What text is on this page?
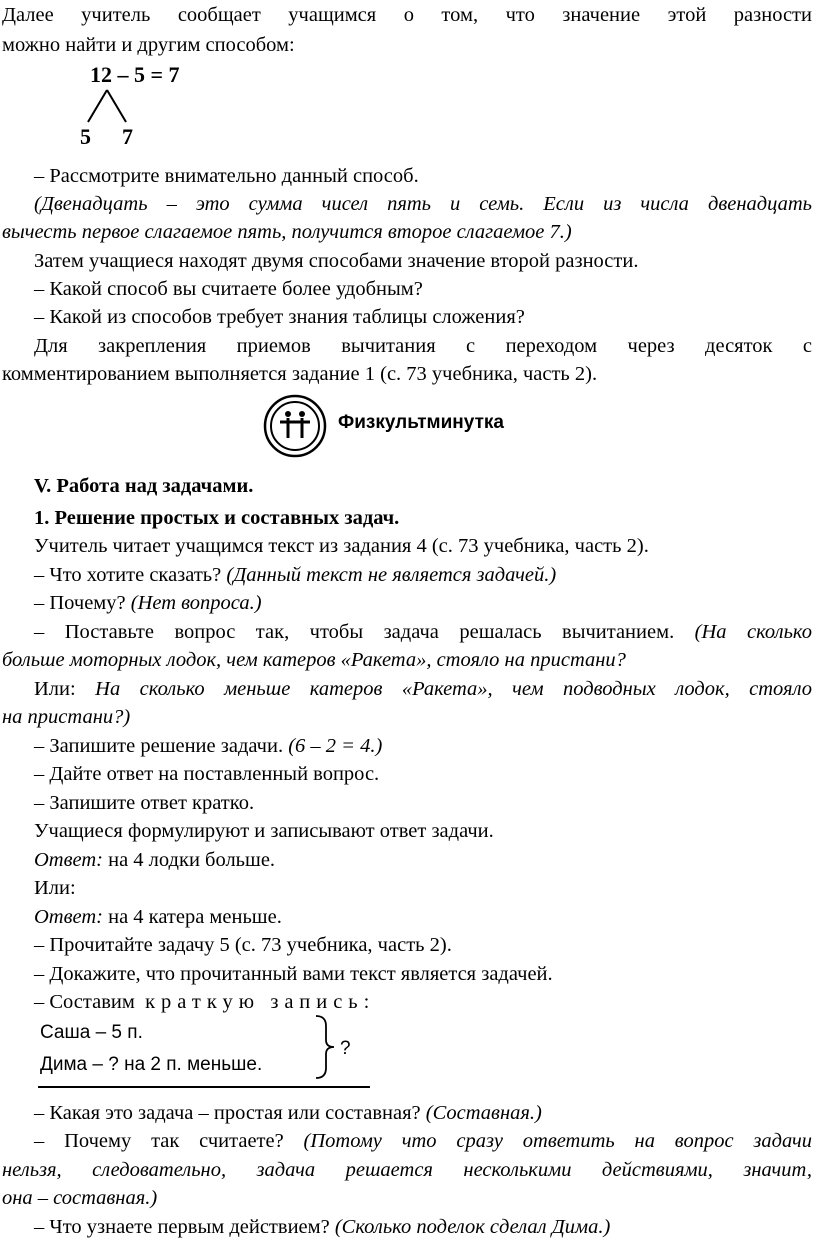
Далее учитель сообщает учащимся о том, что значение этой разности
можно найти и другим способом:
12 – 5 = 7
5 7
– Рассмотрите внимательно данный способ.
(Двенадцать – это сумма чисел пять и семь. Если из числа двенадцать
вычесть первое слагаемое пять, получится второе слагаемое 7.)
Затем учащиеся находят двумя способами значение второй разности.
– Какой способ вы считаете более удобным?
– Какой из способов требует знания таблицы сложения?
Для закрепления приемов вычитания с переходом через десяток с
комментированием выполняется задание 1 (с. 73 учебника, часть 2).
Физкультминутка
V. Работа над задачами.
1. Решение простых и составных задач.
Учитель читает учащимся текст из задания 4 (с. 73 учебника, часть 2).
– Что хотите сказать? (Данный текст не является задачей.)
– Почему? (Нет вопроса.)
– Поставьте вопрос так, чтобы задача решалась вычитанием. (На сколько
больше моторных лодок, чем катеров «Ракета», стояло на пристани?
Или: На сколько меньше катеров «Ракета», чем подводных лодок, стояло
на пристани?)
– Запишите решение задачи. (6 – 2 = 4.)
– Дайте ответ на поставленный вопрос.
– Запишите ответ кратко.
Учащиеся формулируют и записывают ответ задачи.
Ответ: на 4 лодки больше.
Или:
Ответ: на 4 катера меньше.
– Прочитайте задачу 5 (с. 73 учебника, часть 2).
– Докажите, что прочитанный вами текст является задачей.
– Составим краткую запись:
Саша – 5 п.
Дима – ? на 2 п. меньше.
?
– Какая это задача – простая или составная? (Составная.)
– Почему так считаете? (Потому что сразу ответить на вопрос задачи
нельзя, следовательно, задача решается несколькими действиями, значит,
она – составная.)
– Что узнаете первым действием? (Сколько поделок сделал Дима.)
